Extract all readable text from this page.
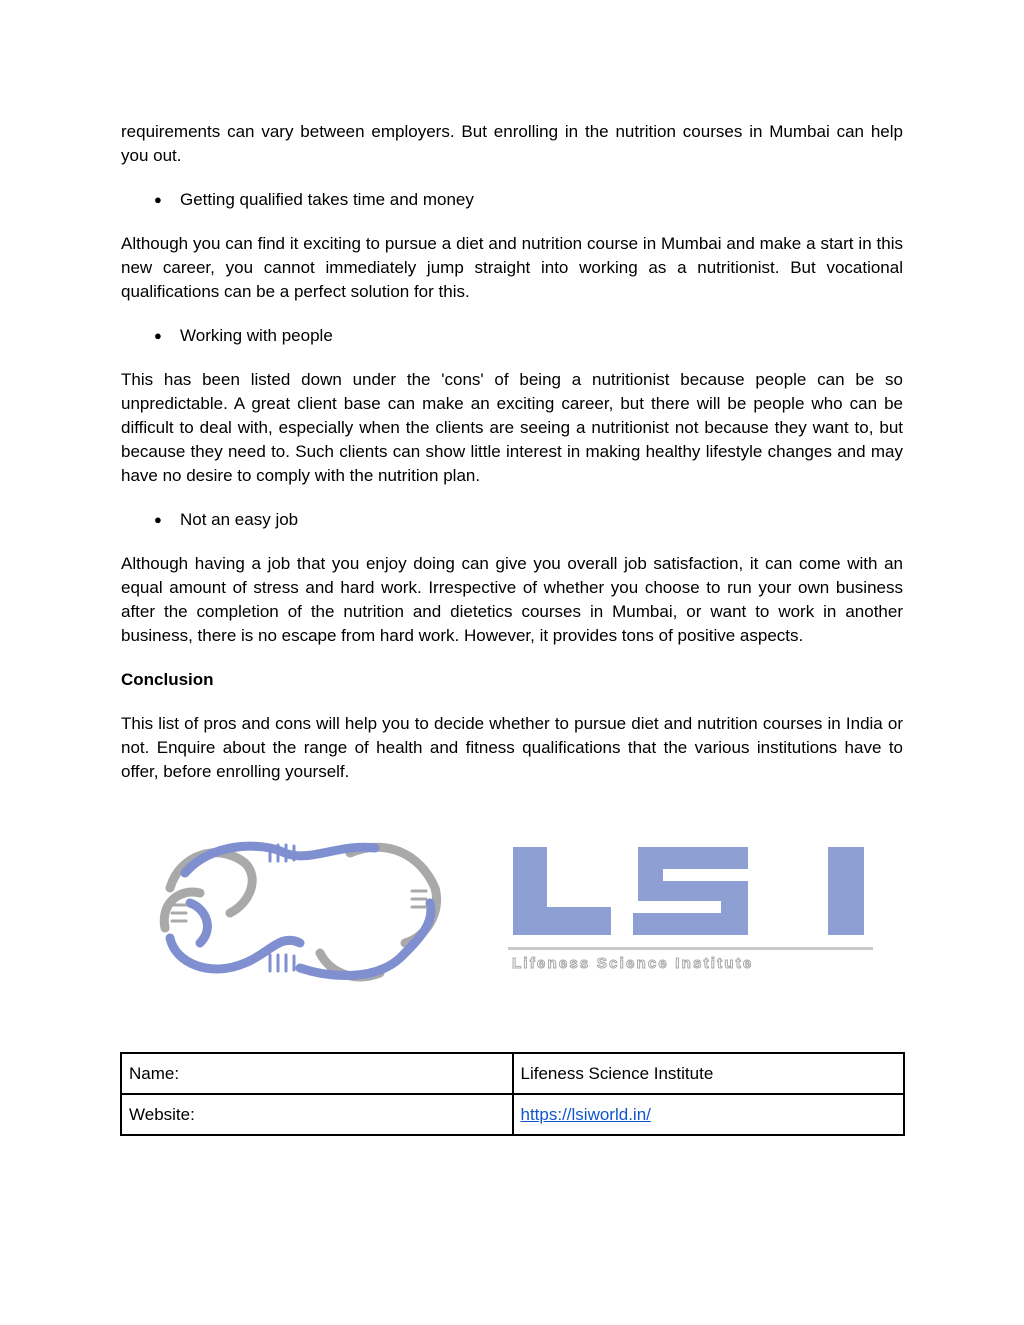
requirements can vary between employers. But enrolling in the nutrition courses in Mumbai can help you out.

●	Getting qualified takes time and money

Although you can find it exciting to pursue a diet and nutrition course in Mumbai and make a start in this new career, you cannot immediately jump straight into working as a nutritionist. But vocational qualifications can be a perfect solution for this.

●	Working with people

This has been listed down under the 'cons' of being a nutritionist because people can be so unpredictable. A great client base can make an exciting career, but there will be people who can be difficult to deal with, especially when the clients are seeing a nutritionist not because they want to, but because they need to. Such clients can show little interest in making healthy lifestyle changes and may have no desire to comply with the nutrition plan.

●	Not an easy job

Although having a job that you enjoy doing can give you overall job satisfaction, it can come with an equal amount of stress and hard work. Irrespective of whether you choose to run your own business after the completion of the nutrition and dietetics courses in Mumbai, or want to work in another business, there is no escape from hard work. However, it provides tons of positive aspects.

Conclusion

This list of pros and cons will help you to decide whether to pursue diet and nutrition courses in India or not. Enquire about the range of health and fitness qualifications that the various institutions have to offer, before enrolling yourself.

Lifeness Science Institute
Name:	Lifeness Science Institute
Website:	https://lsiworld.in/
